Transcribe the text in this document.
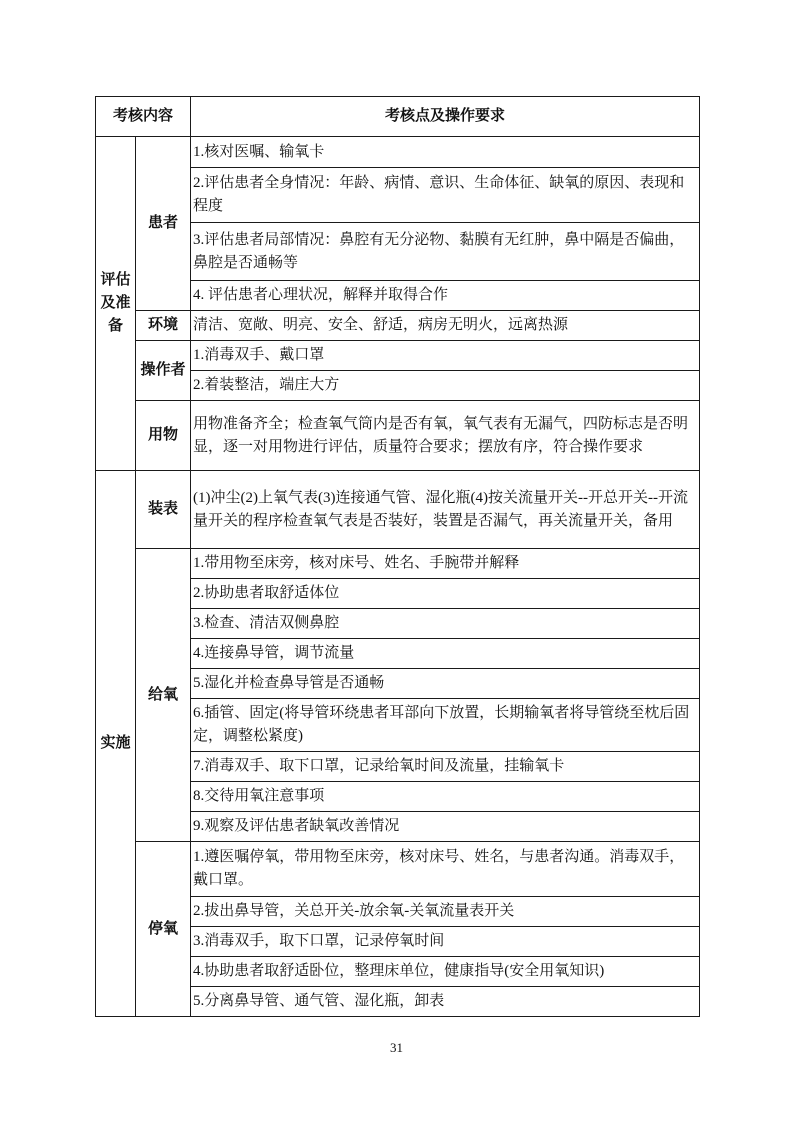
考核内容		考核点及操作要求
评估及准备	患者	1.核对医嘱、输氧卡
		2.评估患者全身情况：年龄、病情、意识、生命体征、缺氧的原因、表现和程度
		3.评估患者局部情况：鼻腔有无分泌物、黏膜有无红肿，鼻中隔是否偏曲，鼻腔是否通畅等
		4. 评估患者心理状况，解释并取得合作
	环境	清洁、宽敞、明亮、安全、舒适，病房无明火，远离热源
	操作者	1.消毒双手、戴口罩
		2.着装整洁，端庄大方
	用物	用物准备齐全；检查氧气筒内是否有氧，氧气表有无漏气，四防标志是否明显，逐一对用物进行评估，质量符合要求；摆放有序，符合操作要求
实施	装表	(1)冲尘(2)上氧气表(3)连接通气管、湿化瓶(4)按关流量开关--开总开关--开流量开关的程序检查氧气表是否装好，装置是否漏气，再关流量开关，备用
	给氧	1.带用物至床旁，核对床号、姓名、手腕带并解释
		2.协助患者取舒适体位
		3.检查、清洁双侧鼻腔
		4.连接鼻导管，调节流量
		5.湿化并检查鼻导管是否通畅
		6.插管、固定(将导管环绕患者耳部向下放置，长期输氧者将导管绕至枕后固定，调整松紧度)
		7.消毒双手、取下口罩，记录给氧时间及流量，挂输氧卡
		8.交待用氧注意事项
		9.观察及评估患者缺氧改善情况
	停氧	1.遵医嘱停氧，带用物至床旁，核对床号、姓名，与患者沟通。消毒双手，戴口罩。
		2.拔出鼻导管，关总开关-放余氧-关氧流量表开关
		3.消毒双手，取下口罩，记录停氧时间
		4.协助患者取舒适卧位，整理床单位，健康指导(安全用氧知识)
		5.分离鼻导管、通气管、湿化瓶，卸表
31
